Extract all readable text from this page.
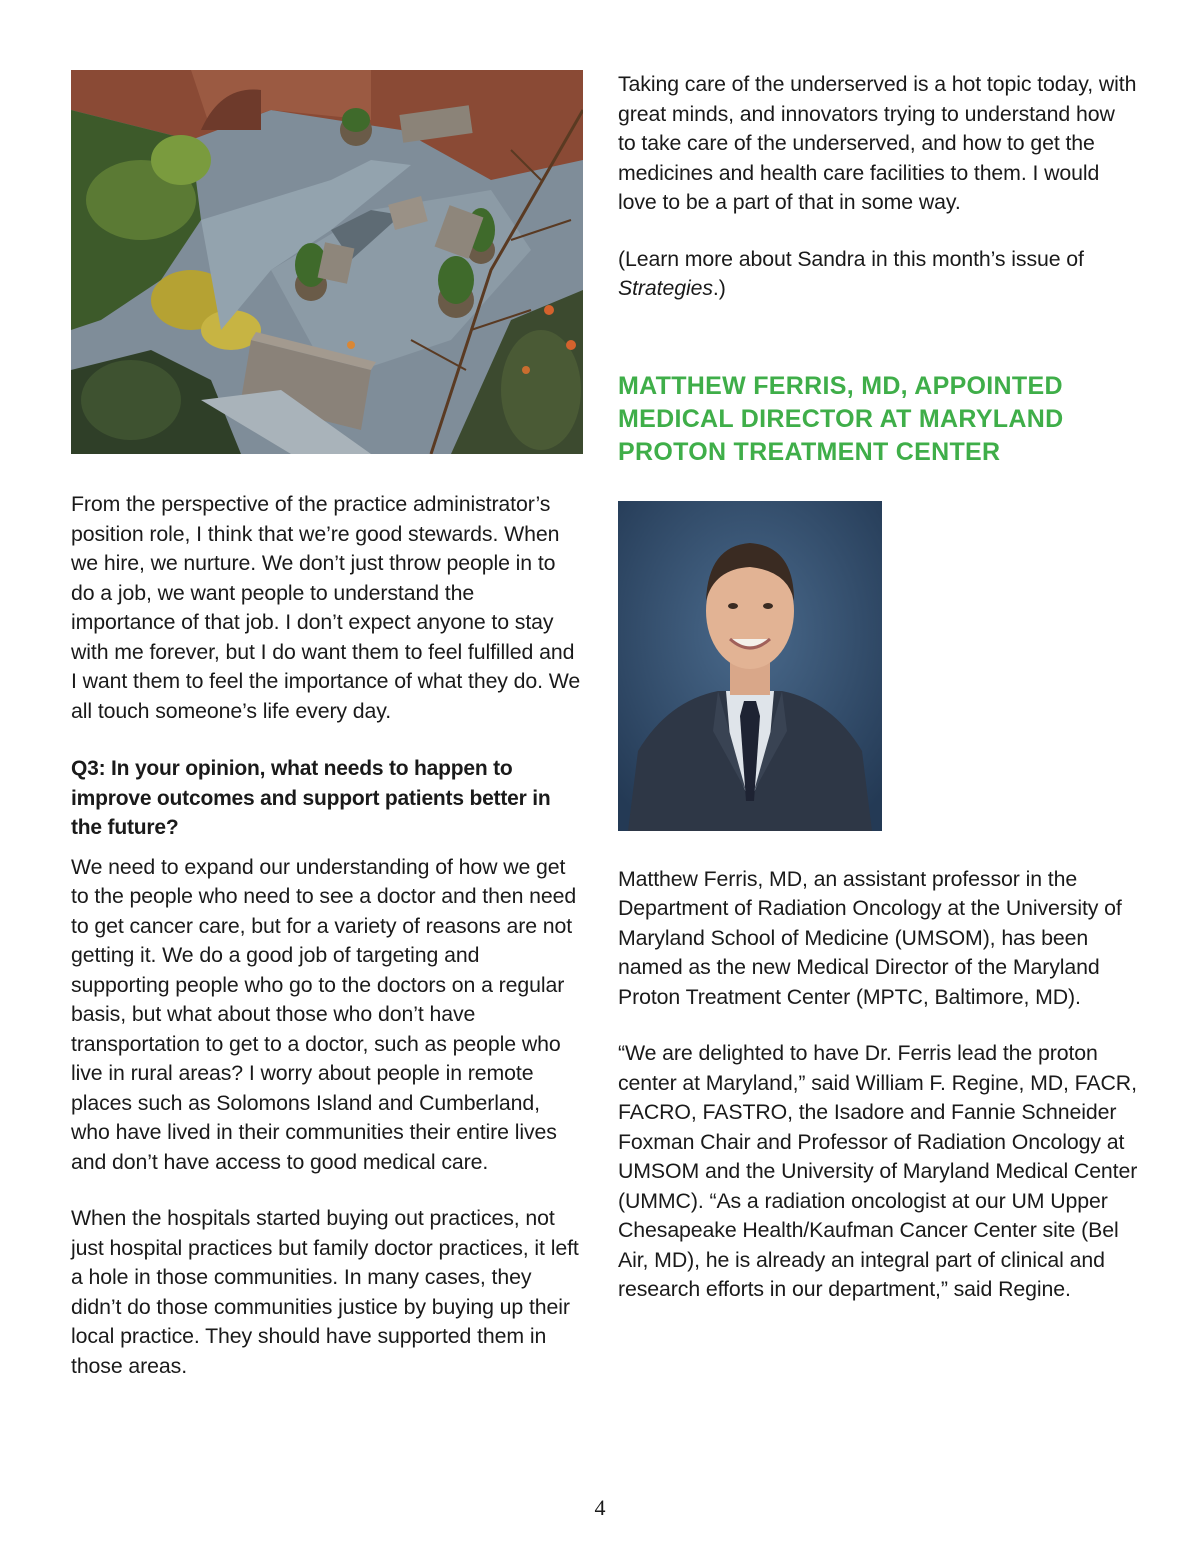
From the perspective of the practice administrator’s position role, I think that we’re good stewards. When we hire, we nurture. We don’t just throw people in to do a job, we want people to understand the importance of that job. I don’t expect anyone to stay with me forever, but I do want them to feel fulfilled and I want them to feel the importance of what they do. We all touch someone’s life every day.

Q3: In your opinion, what needs to happen to improve outcomes and support patients better in the future?

We need to expand our understanding of how we get to the people who need to see a doctor and then need to get cancer care, but for a variety of reasons are not getting it. We do a good job of targeting and supporting people who go to the doctors on a regular basis, but what about those who don’t have transportation to get to a doctor, such as people who live in rural areas? I worry about people in remote places such as Solomons Island and Cumberland, who have lived in their communities their entire lives and don’t have access to good medical care.

When the hospitals started buying out practices, not just hospital practices but family doctor practices, it left a hole in those communities. In many cases, they didn’t do those communities justice by buying up their local practice. They should have supported them in those areas.

Taking care of the underserved is a hot topic today, with great minds, and innovators trying to understand how to take care of the underserved, and how to get the medicines and health care facilities to them. I would love to be a part of that in some way.

(Learn more about Sandra in this month’s issue of Strategies.)

MATTHEW FERRIS, MD, APPOINTED MEDICAL DIRECTOR AT MARYLAND PROTON TREATMENT CENTER

Matthew Ferris, MD, an assistant professor in the Department of Radiation Oncology at the University of Maryland School of Medicine (UMSOM), has been named as the new Medical Director of the Maryland Proton Treatment Center (MPTC, Baltimore, MD).

“We are delighted to have Dr. Ferris lead the proton center at Maryland,” said William F. Regine, MD, FACR, FACRO, FASTRO, the Isadore and Fannie Schneider Foxman Chair and Professor of Radiation Oncology at UMSOM and the University of Maryland Medical Center (UMMC). “As a radiation oncologist at our UM Upper Chesapeake Health/Kaufman Cancer Center site (Bel Air, MD), he is already an integral part of clinical and research efforts in our department,” said Regine.

4
